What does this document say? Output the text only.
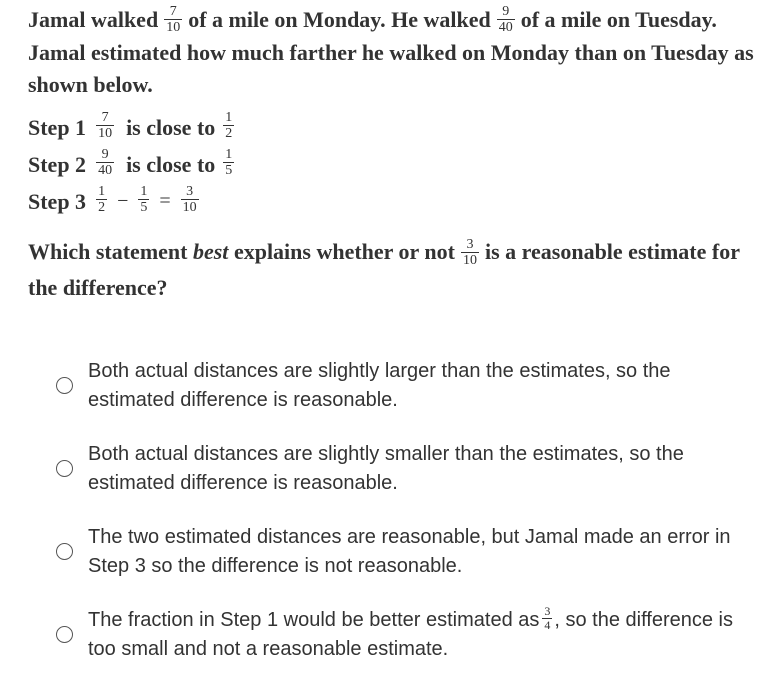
Jamal walked $\frac{7}{10}$ of a mile on Monday. He walked $\frac{9}{40}$ of a mile on Tuesday. Jamal estimated how much farther he walked on Monday than on Tuesday as shown below.

Step $1 \frac{7}{10}$ is close to $\frac{1}{2}$
Step $2 \frac{9}{40}$ is close to $\frac{1}{5}$
Step $3 \frac{1}{2} - \frac{1}{5} = \frac{3}{10}$
Which statement best explains whether or not $\frac{3}{10}$ is a reasonable estimate for the difference?
Both actual distances are slightly larger than the estimates, so the estimated difference is reasonable.
Both actual distances are slightly smaller than the estimates, so the estimated difference is reasonable.
The two estimated distances are reasonable, but Jamal made an error in Step 3 so the difference is not reasonable.
The fraction in Step 1 would be better estimated as $\frac{3}{4}$ , so the difference is too small and not a reasonable estimate.
